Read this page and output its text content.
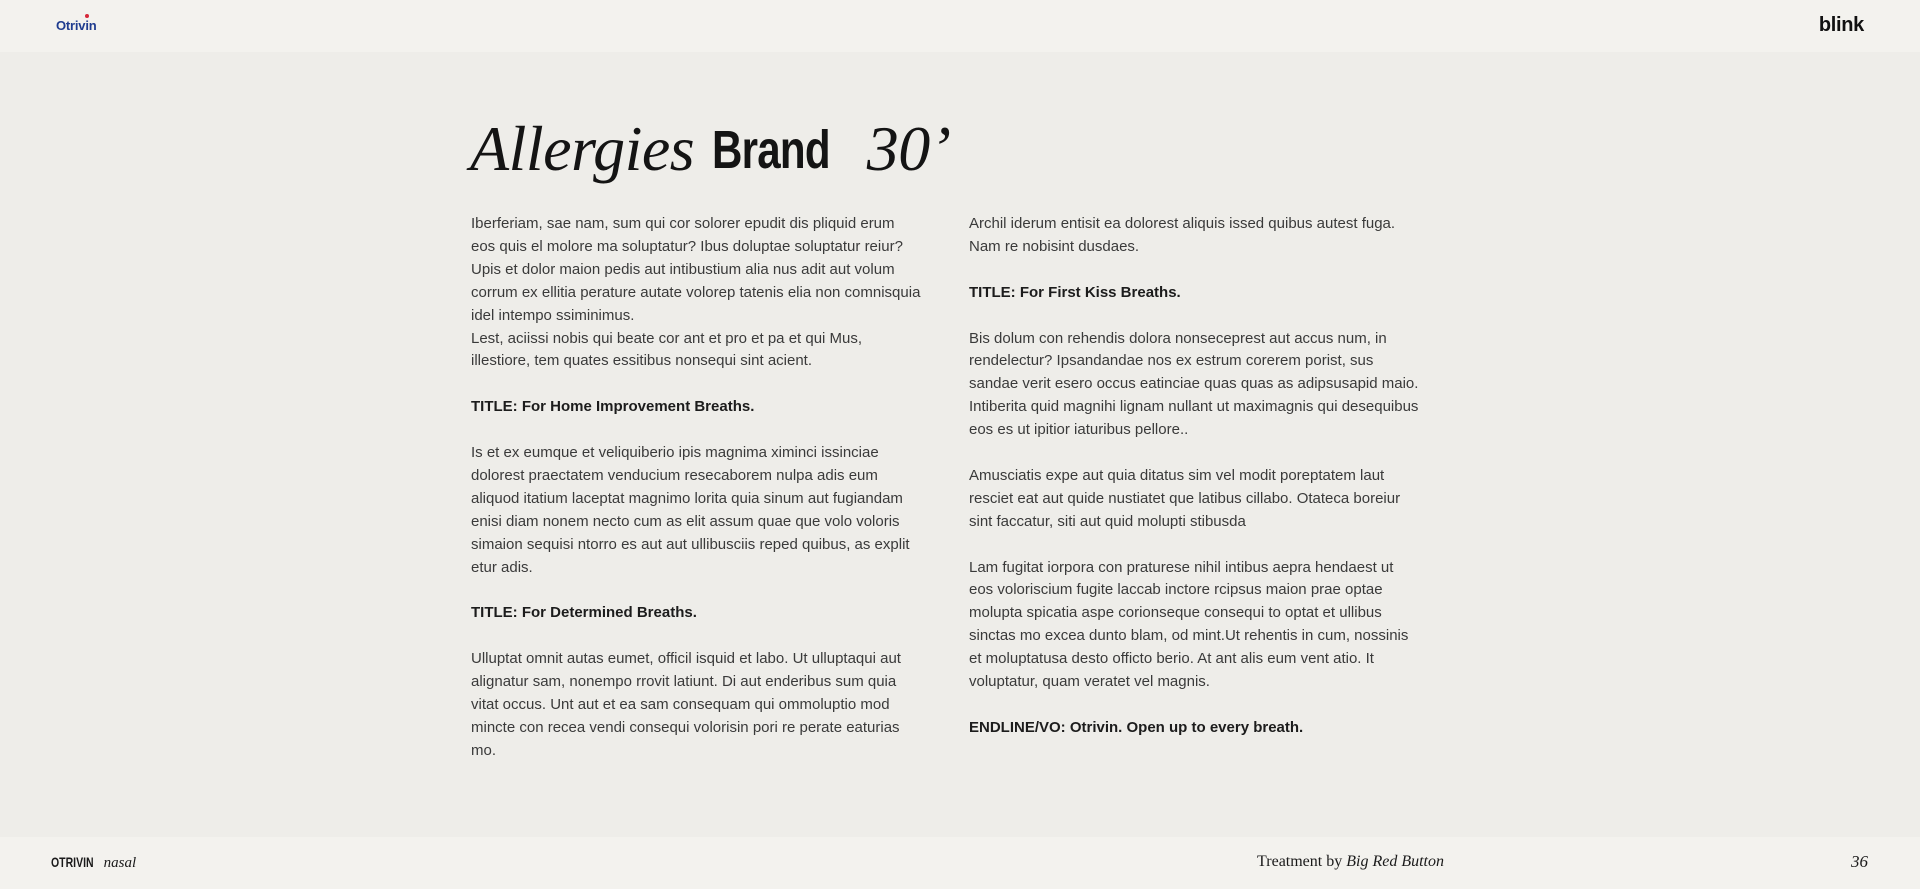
Otrivin	blink
Allergies Brand 30’

Iberferiam, sae nam, sum qui cor solorer epudit dis pliquid erum eos quis el molore ma soluptatur? Ibus doluptae soluptatur reiur? Upis et dolor maion pedis aut intibustium alia nus adit aut volum corrum ex ellitia perature autate volorep tatenis elia non comnisquia idel intempo ssiminimus.

Lest, aciissi nobis qui beate cor ant et pro et pa et qui Mus, illestiore, tem quates essitibus nonsequi sint acient.

TITLE: For Home Improvement Breaths.

Is et ex eumque et veliquiberio ipis magnima ximinci issinciae dolorest praectatem venducium resecaborem nulpa adis eum aliquod itatium laceptat magnimo lorita quia sinum aut fugiandam enisi diam nonem necto cum as elit assum quae que volo voloris simaion sequisi ntorro es aut aut ullibusciis reped quibus, as explit etur adis.

TITLE: For Determined Breaths.

Ulluptat omnit autas eumet, officil isquid et labo. Ut ulluptaqui aut alignatur sam, nonempo rrovit latiunt. Di aut enderibus sum quia vitat occus. Unt aut et ea sam consequam qui ommoluptio mod mincte con recea vendi consequi volorisin pori re perate eaturias mo.

Archil iderum entisit ea dolorest aliquis issed quibus autest fuga. Nam re nobisint dusdaes.

TITLE: For First Kiss Breaths.

Bis dolum con rehendis dolora nonseceprest aut accus num, in rendelectur? Ipsandandae nos ex estrum corerem porist, sus sandae verit esero occus eatinciae quas quas as adipsusapid maio. Intiberita quid magnihi lignam nullant ut maximagnis qui desequibus eos es ut ipitior iaturibus pellore..

Amusciatis expe aut quia ditatus sim vel modit poreptatem laut resciet eat aut quide nustiatet que latibus cillabo. Otateca boreiur sint faccatur, siti aut quid molupti stibusda

Lam fugitat iorpora con praturese nihil intibus aepra hendaest ut eos voloriscium fugite laccab inctore rcipsus maion prae optae molupta spicatia aspe corionseque consequi to optat et ullibus sinctas mo excea dunto blam, od mint.Ut rehentis in cum, nossinis et moluptatusa desto officto berio. At ant alis eum vent atio. It voluptatur, quam veratet vel magnis.

ENDLINE/VO: Otrivin. Open up to every breath.

OTRIVIN nasal	Treatment by Big Red Button	36
